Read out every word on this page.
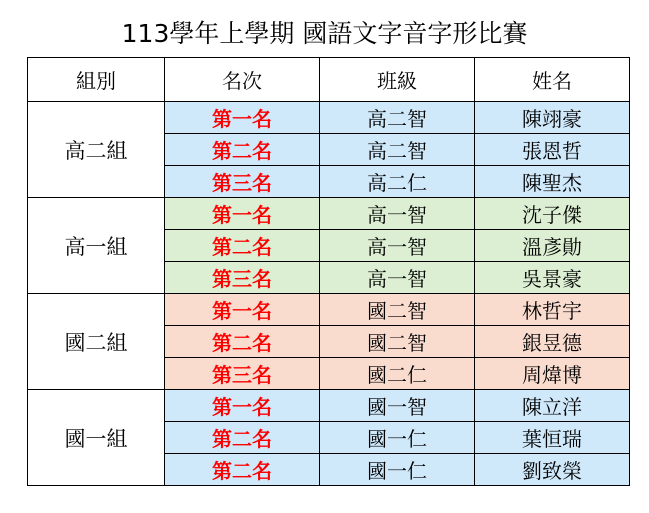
113學年上學期 國語文字音字形比賽
組別	名次	班級	姓名
高二組	第一名	高二智	陳翊豪
	第二名	高二智	張恩哲
	第三名	高二仁	陳聖杰
高一組	第一名	高一智	沈子傑
	第二名	高一智	溫彥勛
	第三名	高一智	吳景豪
國二組	第一名	國二智	林哲宇
	第二名	國二智	銀昱德
	第三名	國二仁	周煒博
國一組	第一名	國一智	陳立洋
	第二名	國一仁	葉恒瑞
	第二名	國一仁	劉致榮
